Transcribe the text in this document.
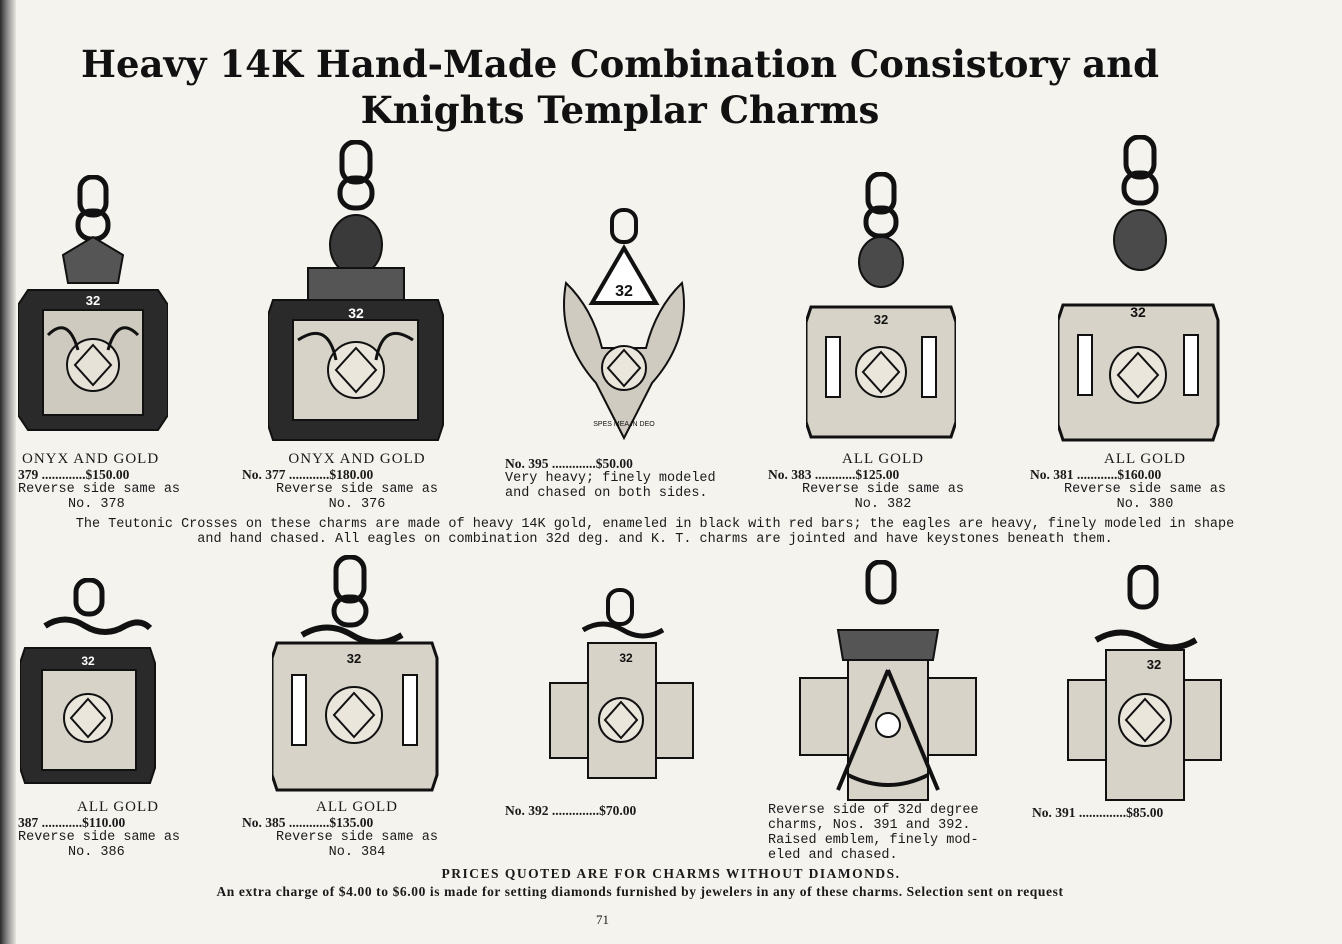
Heavy 14K Hand-Made Combination Consistory and
Knights Templar Charms
32
32
32
SPES MEA IN DEO
32	32
ONYX AND GOLD
379 .............$150.00
Reverse side same as
No. 378
ONYX AND GOLD
No. 377 ............$180.00
Reverse side same as
No. 376
No. 395 .............$50.00
Very heavy; finely modeled
and chased on both sides.
ALL GOLD
No. 383 ............$125.00
Reverse side same as
No. 382
ALL GOLD
No. 381 ............$160.00
Reverse side same as
No. 380
The Teutonic Crosses on these charms are made of heavy 14K gold, enameled in black with red bars; the eagles are heavy, finely modeled in shape
and hand chased. All eagles on combination 32d deg. and K. T. charms are jointed and have keystones beneath them.
32	32	32	32
ALL GOLD
387 ............$110.00
Reverse side same as
No. 386
ALL GOLD
No. 385 ............$135.00
Reverse side same as
No. 384
No. 392 ..............$70.00	Reverse side of 32d degree
charms, Nos. 391 and 392.
Raised emblem, finely mod-
eled and chased.
No. 391 ..............$85.00
PRICES QUOTED ARE FOR CHARMS WITHOUT DIAMONDS.
An extra charge of $4.00 to $6.00 is made for setting diamonds furnished by jewelers in any of these charms. Selection sent on request
71
